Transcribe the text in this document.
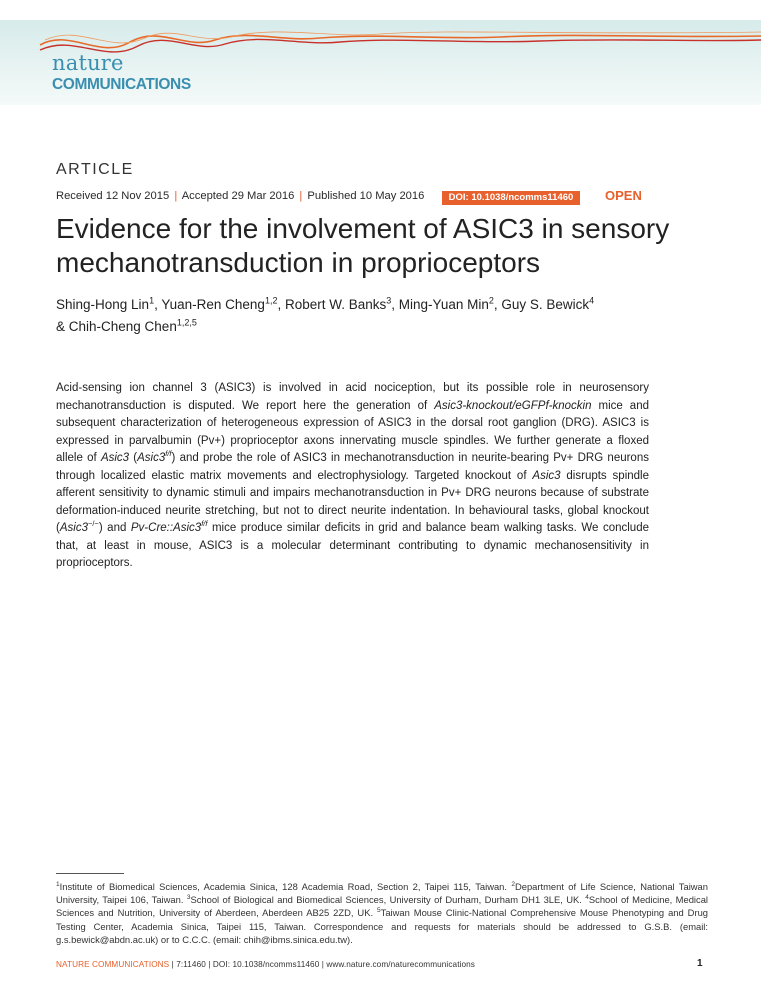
nature
COMMUNICATIONS
ARTICLE
Received 12 Nov 2015 | Accepted 29 Mar 2016 | Published 10 May 2016	DOI: 10.1038/ncomms11460	OPEN
Evidence for the involvement of ASIC3 in sensory mechanotransduction in proprioceptors
Shing-Hong Lin$^1$, Yuan-Ren Cheng$^{1,2}$, Robert W. Banks$^3$, Ming-Yuan Min$^2$, Guy S. Bewick$^4$
& Chih-Cheng Chen$^{1,2,5}$

Acid-sensing ion channel 3 (ASIC3) is involved in acid nociception, but its possible role in neurosensory mechanotransduction is disputed. We report here the generation of Asic3-knockout/eGFPf-knockin mice and subsequent characterization of heterogeneous expression of ASIC3 in the dorsal root ganglion (DRG). ASIC3 is expressed in parvalbumin (Pv+) proprioceptor axons innervating muscle spindles. We further generate a floxed allele of Asic3 $(Asic3^{f/f})$ and probe the role of ASIC3 in mechanotransduction in neurite-bearing Pv+ DRG neurons through localized elastic matrix movements and electrophysiology. Targeted knockout of Asic3 disrupts spindle afferent sensitivity to dynamic stimuli and impairs mechanotransduction in Pv+ DRG neurons because of substrate deformation-induced neurite stretching, but not to direct neurite indentation. In behavioural tasks, global knockout (Asic3−/−) and $Pv-Cre::Asic3^{f/f}$ mice produce similar deficits in grid and balance beam walking tasks. We conclude that, at least in mouse, ASIC3 is a molecular determinant contributing to dynamic mechanosensitivity in proprioceptors.

$^1$Institute of Biomedical Sciences, Academia Sinica, 128 Academia Road, Section 2, Taipei 115, Taiwan. $^2$Department of Life Science, National Taiwan University, Taipei 106, Taiwan. $^3$School of Biological and Biomedical Sciences, University of Durham, Durham DH1 3LE, UK. $^4$School of Medicine, Medical Sciences and Nutrition, University of Aberdeen, Aberdeen AB25 2ZD, UK. $^5$Taiwan Mouse Clinic-National Comprehensive Mouse Phenotyping and Drug Testing Center, Academia Sinica, Taipei 115, Taiwan. Correspondence and requests for materials should be addressed to G.S.B. (email: g.s.bewick@abdn.ac.uk) or to C.C.C. (email: chih@ibms.sinica.edu.tw).

NATURE COMMUNICATIONS | 7:11460 | DOI: 10.1038/ncomms11460 | www.nature.com/naturecommunications	1
